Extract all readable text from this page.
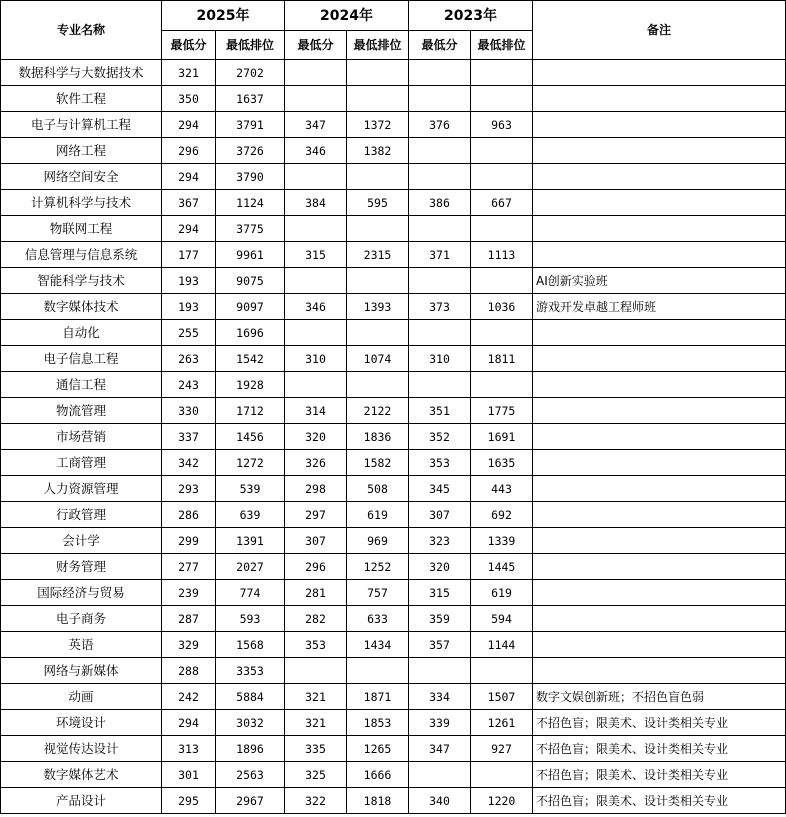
专业名称	2025年		2024年		2023年		备注
	最低分	最低排位	最低分	最低排位	最低分	最低排位	
数据科学与大数据技术	321	2702					
软件工程	350	1637					
电子与计算机工程	294	3791	347	1372	376	963	
网络工程	296	3726	346	1382			
网络空间安全	294	3790					
计算机科学与技术	367	1124	384	595	386	667	
物联网工程	294	3775					
信息管理与信息系统	177	9961	315	2315	371	1113	
智能科学与技术	193	9075					AI创新实验班
数字媒体技术	193	9097	346	1393	373	1036	游戏开发卓越工程师班
自动化	255	1696					
电子信息工程	263	1542	310	1074	310	1811	
通信工程	243	1928					
物流管理	330	1712	314	2122	351	1775	
市场营销	337	1456	320	1836	352	1691	
工商管理	342	1272	326	1582	353	1635	
人力资源管理	293	539	298	508	345	443	
行政管理	286	639	297	619	307	692	
会计学	299	1391	307	969	323	1339	
财务管理	277	2027	296	1252	320	1445	
国际经济与贸易	239	774	281	757	315	619	
电子商务	287	593	282	633	359	594	
英语	329	1568	353	1434	357	1144	
网络与新媒体	288	3353					
动画	242	5884	321	1871	334	1507	数字文娱创新班；不招色盲色弱
环境设计	294	3032	321	1853	339	1261	不招色盲；限美术、设计类相关专业
视觉传达设计	313	1896	335	1265	347	927	不招色盲；限美术、设计类相关专业
数字媒体艺术	301	2563	325	1666			不招色盲；限美术、设计类相关专业
产品设计	295	2967	322	1818	340	1220	不招色盲；限美术、设计类相关专业
